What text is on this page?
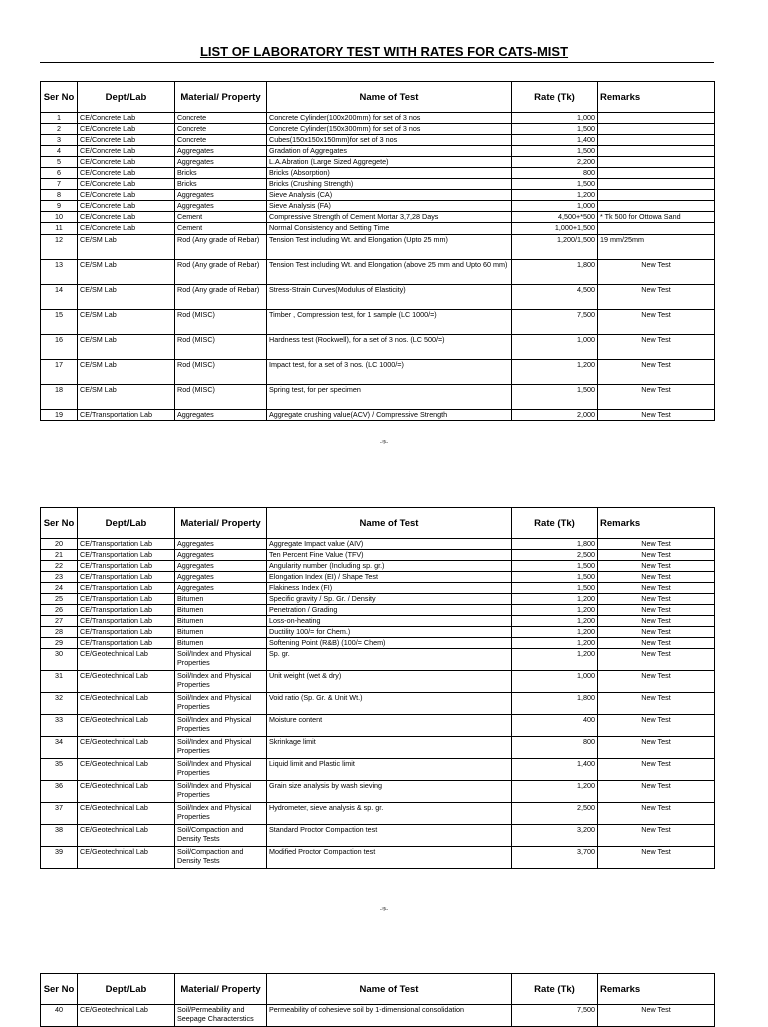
LIST OF LABORATORY TEST WITH RATES FOR CATS-MIST
Ser No	Dept/Lab	Material/ Property	Name of Test	Rate (Tk)	Remarks
1	CE/Concrete Lab	Concrete	Concrete Cylinder(100x200mm) for set of 3 nos	1,000	
2	CE/Concrete Lab	Concrete	Concrete Cylinder(150x300mm) for set of 3 nos	1,500	
3	CE/Concrete Lab	Concrete	Cubes(150x150x150mm)for set of 3 nos	1,400	
4	CE/Concrete Lab	Aggregates	Gradation of Aggregates	1,500	
5	CE/Concrete Lab	Aggregates	L.A.Abration (Large Sized Aggregete)	2,200	
6	CE/Concrete Lab	Bricks	Bricks (Absorption)	800	
7	CE/Concrete Lab	Bricks	Bricks (Crushing Strength)	1,500	
8	CE/Concrete Lab	Aggregates	Sieve Analysis (CA)	1,200	
9	CE/Concrete Lab	Aggregates	Sieve Analysis (FA)	1,000	
10	CE/Concrete Lab	Cement	Compressive Strength of Cement Mortar 3,7,28 Days	4,500+*500	* Tk 500 for Ottowa Sand
11	CE/Concrete Lab	Cement	Normal Consistency and Setting Time	1,000+1,500	
12	CE/SM Lab	Rod (Any grade of Rebar)	Tension Test including Wt. and Elongation (Upto 25 mm)	1,200/1,500	19 mm/25mm
13	CE/SM Lab	Rod (Any grade of Rebar)	Tension Test including Wt. and Elongation (above 25 mm and Upto 60 mm)	1,800	New Test
14	CE/SM Lab	Rod (Any grade of Rebar)	Stress-Strain Curves(Modulus of Elasticity)	4,500	New Test
15	CE/SM Lab	Rod (MISC)	Timber , Compression test, for 1 sample (LC 1000/=)	7,500	New Test
16	CE/SM Lab	Rod (MISC)	Hardness test (Rockwell), for a set of 3 nos. (LC 500/=)	1,000	New Test
17	CE/SM Lab	Rod (MISC)	Impact test, for a set of 3 nos. (LC 1000/=)	1,200	New Test
18	CE/SM Lab	Rod (MISC)	Spring test, for per specimen	1,500	New Test
19	CE/Transportation Lab	Aggregates	Aggregate crushing value(ACV) / Compressive Strength	2,000	New Test
-ক-
Ser No	Dept/Lab	Material/ Property	Name of Test	Rate (Tk)	Remarks
20	CE/Transportation Lab	Aggregates	Aggregate Impact value (AIV)	1,800	New Test
21	CE/Transportation Lab	Aggregates	Ten Percent Fine Value (TFV)	2,500	New Test
22	CE/Transportation Lab	Aggregates	Angularity number (Including sp. gr.)	1,500	New Test
23	CE/Transportation Lab	Aggregates	Elongation Index (EI) / Shape Test	1,500	New Test
24	CE/Transportation Lab	Aggregates	Flakiness Index (FI)	1,500	New Test
25	CE/Transportation Lab	Bitumen	Specific gravity / Sp. Gr. / Density	1,200	New Test
26	CE/Transportation Lab	Bitumen	Penetration / Grading	1,200	New Test
27	CE/Transportation Lab	Bitumen	Loss-on-heating	1,200	New Test
28	CE/Transportation Lab	Bitumen	Ductility 100/= for Chem.)	1,200	New Test
29	CE/Transportation Lab	Bitumen	Softening Point (R&B) (100/= Chem)	1,200	New Test
30	CE/Geotechnical Lab	Soil/Index and Physical Properties	Sp. gr.	1,200	New Test
31	CE/Geotechnical Lab	Soil/Index and Physical Properties	Unit weight (wet & dry)	1,000	New Test
32	CE/Geotechnical Lab	Soil/Index and Physical Properties	Void ratio (Sp. Gr. & Unit Wt.)	1,800	New Test
33	CE/Geotechnical Lab	Soil/Index and Physical Properties	Moisture content	400	New Test
34	CE/Geotechnical Lab	Soil/Index and Physical Properties	Skrinkage limit	800	New Test
35	CE/Geotechnical Lab	Soil/Index and Physical Properties	Liquid limit and Plastic limit	1,400	New Test
36	CE/Geotechnical Lab	Soil/Index and Physical Properties	Grain size analysis by wash sieving	1,200	New Test
37	CE/Geotechnical Lab	Soil/Index and Physical Properties	Hydrometer, sieve analysis & sp. gr.	2,500	New Test
38	CE/Geotechnical Lab	Soil/Compaction and Density Tests	Standard Proctor Compaction test	3,200	New Test
39	CE/Geotechnical Lab	Soil/Compaction and Density Tests	Modified Proctor Compaction test	3,700	New Test
-ক-
Ser No	Dept/Lab	Material/ Property	Name of Test	Rate (Tk)	Remarks
40	CE/Geotechnical Lab	Soil/Permeability and Seepage Characterstics	Permeability of cohesieve soil by 1-dimensional consolidation	7,500	New Test
